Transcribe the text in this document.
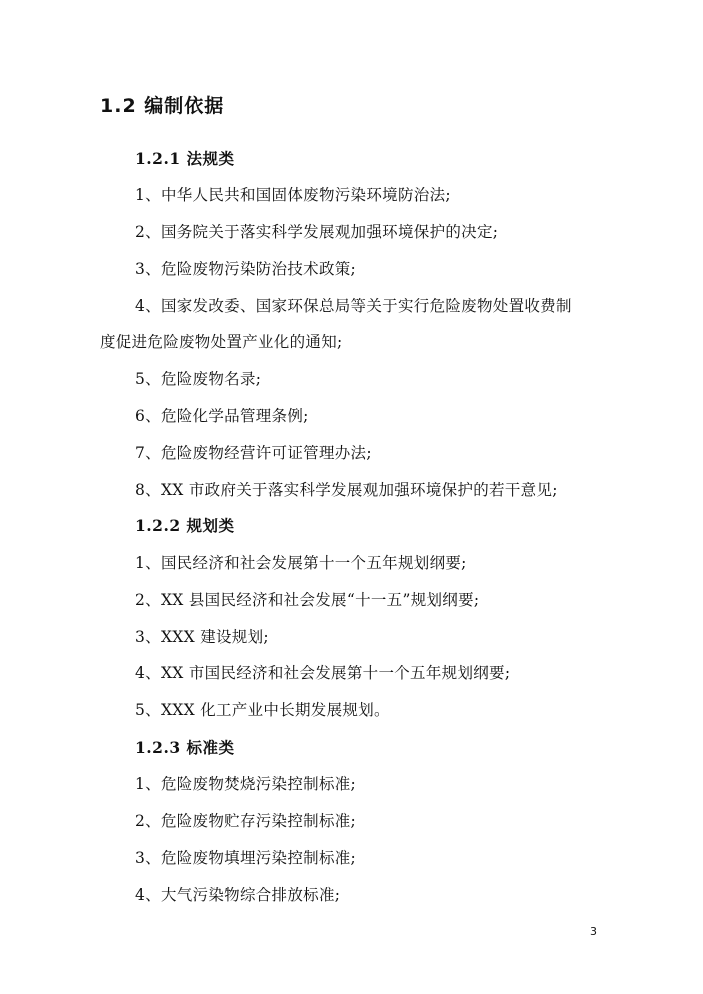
1.2 编制依据
1.2.1 法规类
1、中华人民共和国固体废物污染环境防治法;
2、国务院关于落实科学发展观加强环境保护的决定;
3、危险废物污染防治技术政策;
4、国家发改委、国家环保总局等关于实行危险废物处置收费制
度促进危险废物处置产业化的通知;
5、危险废物名录;
6、危险化学品管理条例;
7、危险废物经营许可证管理办法;
8、XX 市政府关于落实科学发展观加强环境保护的若干意见;
1.2.2 规划类
1、国民经济和社会发展第十一个五年规划纲要;
2、XX 县国民经济和社会发展“十一五”规划纲要;
3、XXX 建设规划;
4、XX 市国民经济和社会发展第十一个五年规划纲要;
5、XXX 化工产业中长期发展规划。
1.2.3 标准类
1、危险废物焚烧污染控制标准;
2、危险废物贮存污染控制标准;
3、危险废物填埋污染控制标准;
4、大气污染物综合排放标准;
3
